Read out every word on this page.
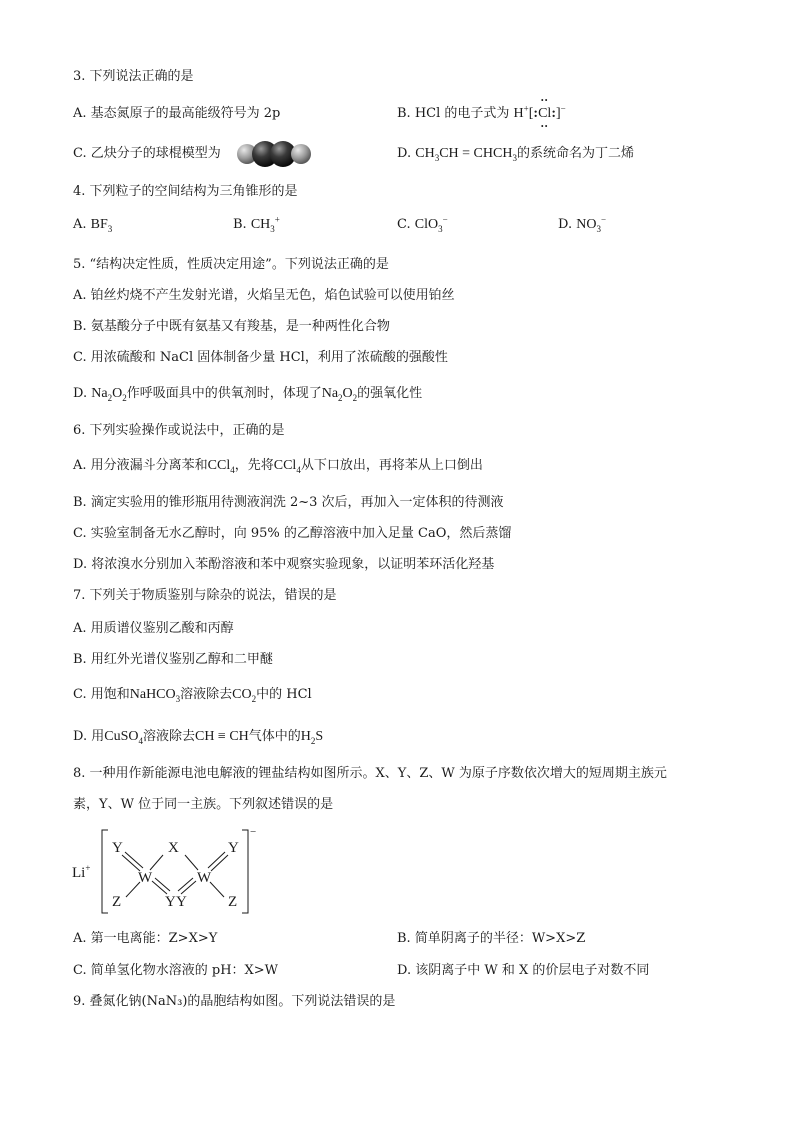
3. 下列说法正确的是
A. 基态氮原子的最高能级符号为 2p	B. HCl 的电子式为 H+[:
••
Cl
••
:]−
C. 乙炔分子的球棍模型为	D. $CH_3CH$ = $CHCH_3$的系统命名为丁二烯
4. 下列粒子的空间结构为三角锥形的是
A. $BF_3$	B. $CH_3^+$	C. ClO$_3$−	D. $NO_3^-$
5. “结构决定性质，性质决定用途”。下列说法正确的是
A. 铂丝灼烧不产生发射光谱，火焰呈无色，焰色试验可以使用铂丝
B. 氨基酸分子中既有氨基又有羧基，是一种两性化合物
C. 用浓硫酸和 NaCl 固体制备少量 HCl，利用了浓硫酸的强酸性
D. $Na_2O_2$作呼吸面具中的供氧剂时，体现了$Na_2O_2$的强氧化性
6. 下列实验操作或说法中，正确的是
A. 用分液漏斗分离苯和CCl$_4$，先将CCl$_4$从下口放出，再将苯从上口倒出
B. 滴定实验用的锥形瓶用待测液润洗 2~3 次后，再加入一定体积的待测液
C. 实验室制备无水乙醇时，向 95% 的乙醇溶液中加入足量 CaO，然后蒸馏
D. 将浓溴水分别加入苯酚溶液和苯中观察实验现象，以证明苯环活化羟基
7. 下列关于物质鉴别与除杂的说法，错误的是
A. 用质谱仪鉴别乙酸和丙醇
B. 用红外光谱仪鉴别乙醇和二甲醚
C. 用饱和NaHCO$_3$溶液除去$CO_2$中的 HCl
D. 用CuSO$_4$溶液除去CH ≡ CH气体中的$H_2S$
8. 一种用作新能源电池电解液的锂盐结构如图所示。X、Y、Z、W 为原子序数依次增大的短周期主族元
素，Y、W 位于同一主族。下列叙述错误的是
Li+
Y	X	Y
W	W
Z	Y Y	Z
−
A. 第一电离能：Z>X>Y	B. 简单阴离子的半径：W>X>Z
C. 简单氢化物水溶液的 pH：X>W	D. 该阴离子中 W 和 X 的价层电子对数不同
9. 叠氮化钠(NaN₃)的晶胞结构如图。下列说法错误的是
